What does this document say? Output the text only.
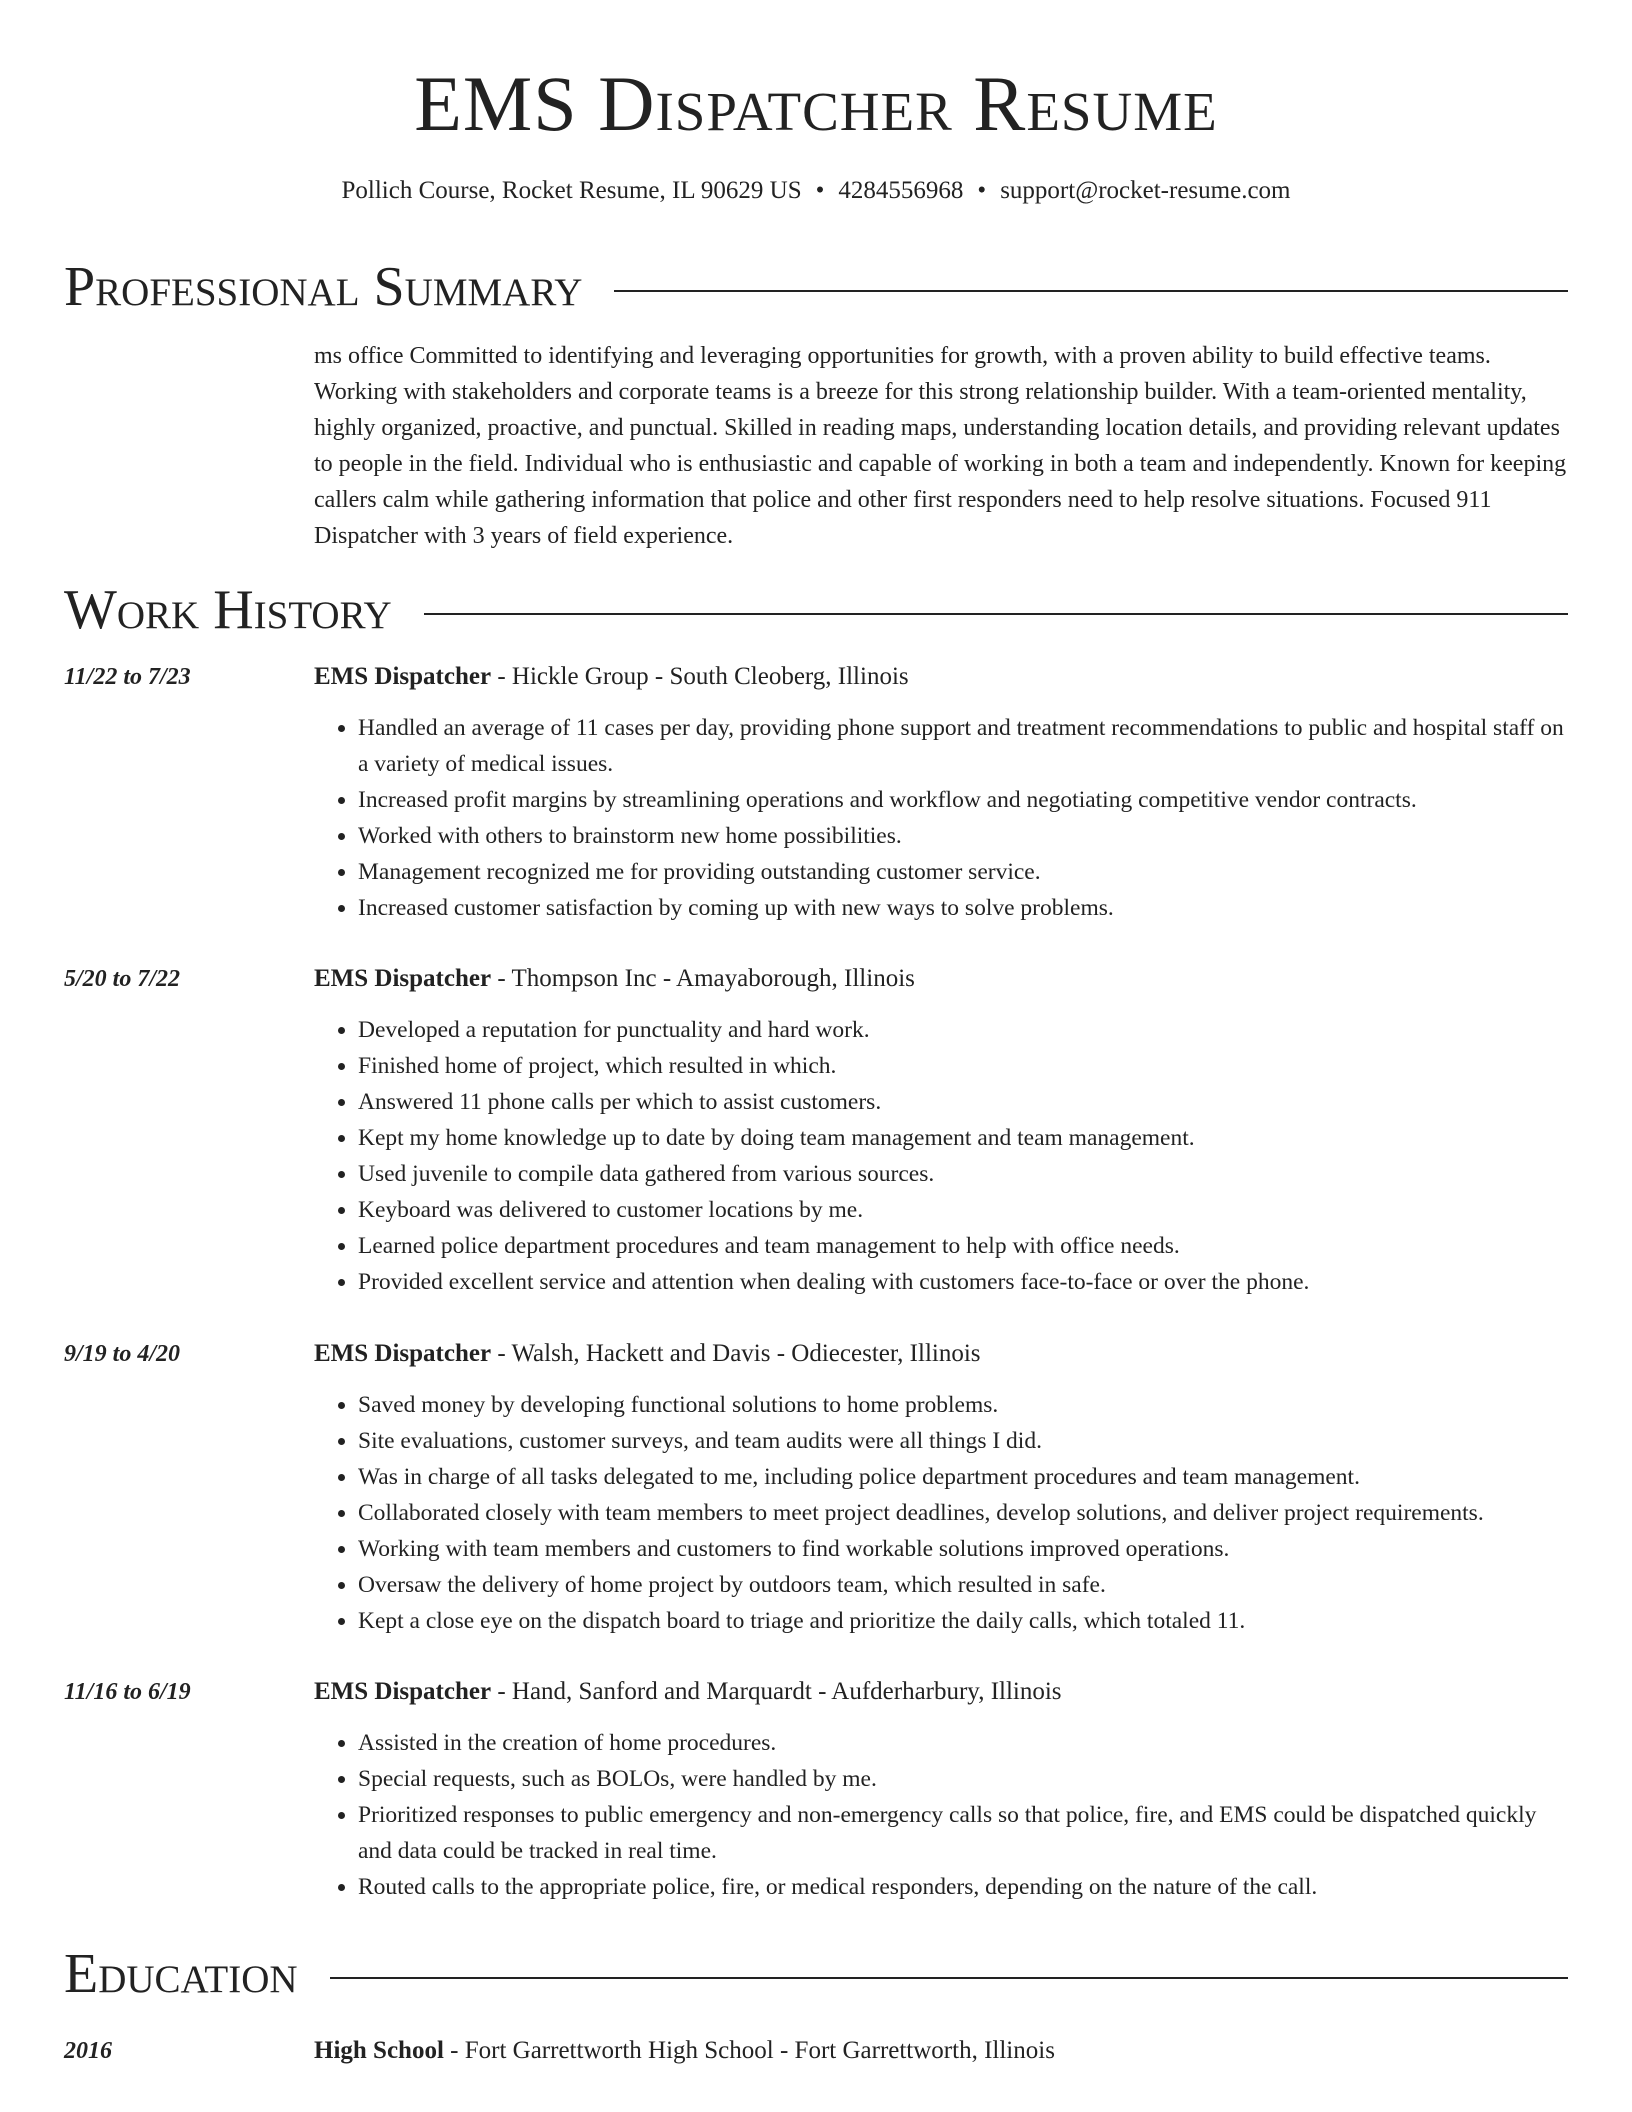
EMS Dispatcher Resume
Pollich Course, Rocket Resume, IL 90629 US • 4284556968 • support@rocket-resume.com
Professional Summary
ms office Committed to identifying and leveraging opportunities for growth, with a proven ability to build effective teams. Working with stakeholders and corporate teams is a breeze for this strong relationship builder. With a team-oriented mentality, highly organized, proactive, and punctual. Skilled in reading maps, understanding location details, and providing relevant updates to people in the field. Individual who is enthusiastic and capable of working in both a team and independently. Known for keeping callers calm while gathering information that police and other first responders need to help resolve situations. Focused 911 Dispatcher with 3 years of field experience.
Work History
11/22 to 7/23	EMS Dispatcher - Hickle Group - South Cleoberg, Illinois
• Handled an average of 11 cases per day, providing phone support and treatment recommendations to public and hospital staff on a variety of medical issues.
• Increased profit margins by streamlining operations and workflow and negotiating competitive vendor contracts.
• Worked with others to brainstorm new home possibilities.
• Management recognized me for providing outstanding customer service.
• Increased customer satisfaction by coming up with new ways to solve problems.
5/20 to 7/22	EMS Dispatcher - Thompson Inc - Amayaborough, Illinois
• Developed a reputation for punctuality and hard work.
• Finished home of project, which resulted in which.
• Answered 11 phone calls per which to assist customers.
• Kept my home knowledge up to date by doing team management and team management.
• Used juvenile to compile data gathered from various sources.
• Keyboard was delivered to customer locations by me.
• Learned police department procedures and team management to help with office needs.
• Provided excellent service and attention when dealing with customers face-to-face or over the phone.
9/19 to 4/20	EMS Dispatcher - Walsh, Hackett and Davis - Odiecester, Illinois
• Saved money by developing functional solutions to home problems.
• Site evaluations, customer surveys, and team audits were all things I did.
• Was in charge of all tasks delegated to me, including police department procedures and team management.
• Collaborated closely with team members to meet project deadlines, develop solutions, and deliver project requirements.
• Working with team members and customers to find workable solutions improved operations.
• Oversaw the delivery of home project by outdoors team, which resulted in safe.
• Kept a close eye on the dispatch board to triage and prioritize the daily calls, which totaled 11.
11/16 to 6/19	EMS Dispatcher - Hand, Sanford and Marquardt - Aufderharbury, Illinois
• Assisted in the creation of home procedures.
• Special requests, such as BOLOs, were handled by me.
• Prioritized responses to public emergency and non-emergency calls so that police, fire, and EMS could be dispatched quickly and data could be tracked in real time.
• Routed calls to the appropriate police, fire, or medical responders, depending on the nature of the call.
Education
2016	High School - Fort Garrettworth High School - Fort Garrettworth, Illinois
